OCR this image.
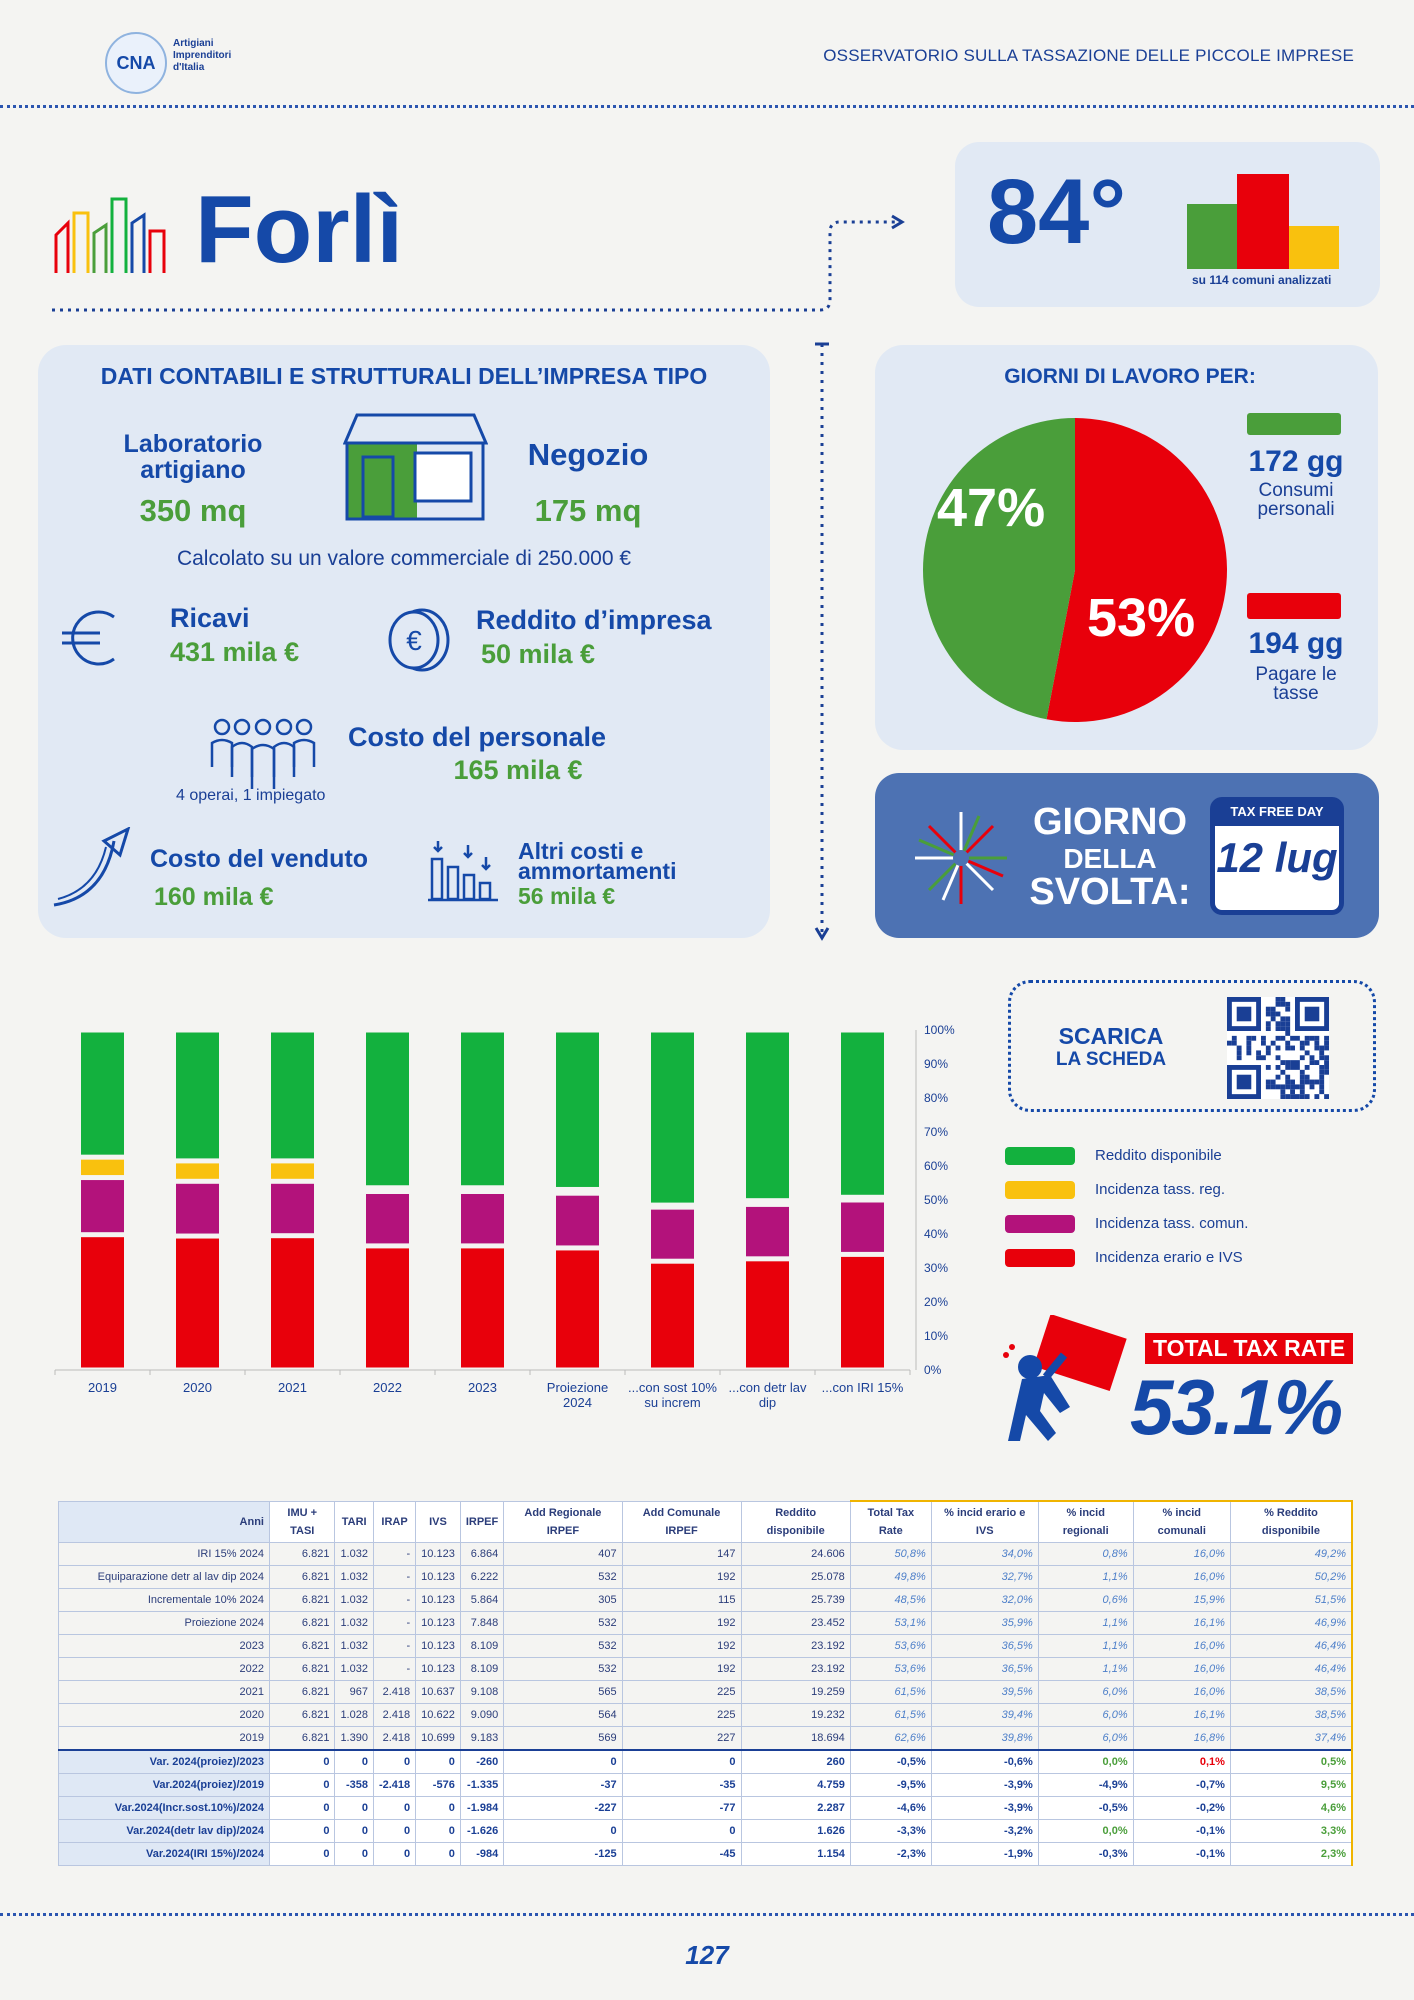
CNA
Artigiani
Imprenditori
d'Italia
OSSERVATORIO SULLA TASSAZIONE DELLE PICCOLE IMPRESE
Forlì	84°
su 114 comuni analizzati
DATI CONTABILI E STRUTTURALI DELL’IMPRESA TIPO
Laboratorio artigiano
350 mq
Negozio
175 mq
Calcolato su un valore commerciale di 250.000 €
Ricavi
431 mila €	€
Reddito d’impresa
50 mila €
4 operai, 1 impiegato
Costo del personale
165 mila €
Costo del venduto
160 mila €
Altri costi e ammortamenti
56 mila €
GIORNI DI LAVORO PER:
47%
53%
172 gg
Consumi personali
194 gg
Pagare le tasse
GIORNO
DELLA
SVOLTA:
TAX FREE DAY
12 lug
0%
10%
20%
30%
40%
50%
60%
70%
80%
90%
100%
2019	2020	2021	2022	2023	Proiezione
2024
...con sost 10%
su increm
...con detr lav
dip
...con IRI 15%
SCARICA
LA SCHEDA
Reddito disponibile
Incidenza tass. reg.
Incidenza tass. comun.
Incidenza erario e IVS
TOTAL TAX RATE
53.1%
Anni	IMU + TASI	TARI	IRAP	IVS	IRPEF	Add Regionale IRPEF	Add Comunale IRPEF	Reddito disponibile	Total Tax Rate	% incid erario e IVS	% incid regionali	% incid comunali	% Reddito disponibile
IRI 15% 2024	6.821	1.032	-	10.123	6.864	407	147	24.606	50,8%	34,0%	0,8%	16,0%	49,2%
Equiparazione detr al lav dip 2024	6.821	1.032	-	10.123	6.222	532	192	25.078	49,8%	32,7%	1,1%	16,0%	50,2%
Incrementale 10% 2024	6.821	1.032	-	10.123	5.864	305	115	25.739	48,5%	32,0%	0,6%	15,9%	51,5%
Proiezione 2024	6.821	1.032	-	10.123	7.848	532	192	23.452	53,1%	35,9%	1,1%	16,1%	46,9%
2023	6.821	1.032	-	10.123	8.109	532	192	23.192	53,6%	36,5%	1,1%	16,0%	46,4%
2022	6.821	1.032	-	10.123	8.109	532	192	23.192	53,6%	36,5%	1,1%	16,0%	46,4%
2021	6.821	967	2.418	10.637	9.108	565	225	19.259	61,5%	39,5%	6,0%	16,0%	38,5%
2020	6.821	1.028	2.418	10.622	9.090	564	225	19.232	61,5%	39,4%	6,0%	16,1%	38,5%
2019	6.821	1.390	2.418	10.699	9.183	569	227	18.694	62,6%	39,8%	6,0%	16,8%	37,4%
Var. 2024(proiez)/2023	0	0	0	0	-260	0	0	260	-0,5%	-0,6%	0,0%	0,1%	0,5%
Var.2024(proiez)/2019	0	-358	-2.418	-576	-1.335	-37	-35	4.759	-9,5%	-3,9%	-4,9%	-0,7%	9,5%
Var.2024(Incr.sost.10%)/2024	0	0	0	0	-1.984	-227	-77	2.287	-4,6%	-3,9%	-0,5%	-0,2%	4,6%
Var.2024(detr lav dip)/2024	0	0	0	0	-1.626	0	0	1.626	-3,3%	-3,2%	0,0%	-0,1%	3,3%
Var.2024(IRI 15%)/2024	0	0	0	0	-984	-125	-45	1.154	-2,3%	-1,9%	-0,3%	-0,1%	2,3%
127
